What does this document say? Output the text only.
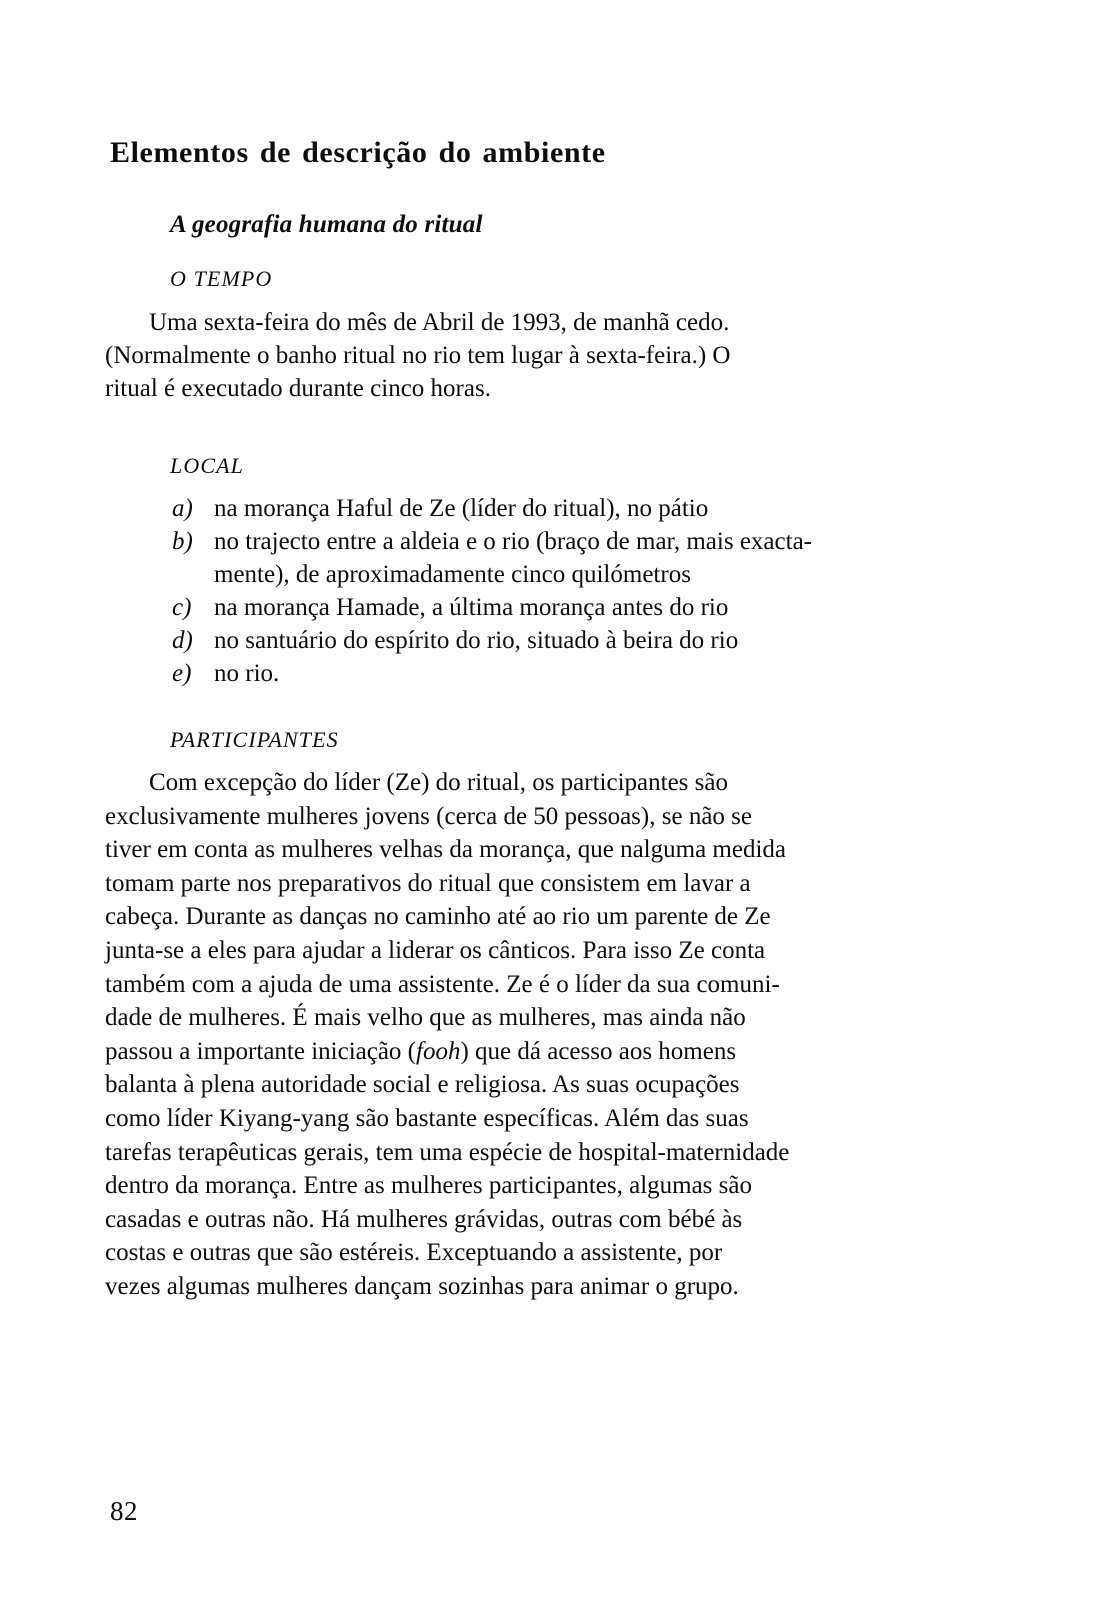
Elementos de descrição do ambiente
A geografia humana do ritual
O TEMPO
Uma sexta-feira do mês de Abril de 1993, de manhã cedo.
(Normalmente o banho ritual no rio tem lugar à sexta-feira.) O
ritual é executado durante cinco horas.
LOCAL
a) na morança Haful de Ze (líder do ritual), no pátio
b) no trajecto entre a aldeia e o rio (braço de mar, mais exacta-
mente), de aproximadamente cinco quilómetros
c) na morança Hamade, a última morança antes do rio
d) no santuário do espírito do rio, situado à beira do rio
e) no rio.
PARTICIPANTES
Com excepção do líder (Ze) do ritual, os participantes são
exclusivamente mulheres jovens (cerca de 50 pessoas), se não se
tiver em conta as mulheres velhas da morança, que nalguma medida
tomam parte nos preparativos do ritual que consistem em lavar a
cabeça. Durante as danças no caminho até ao rio um parente de Ze
junta-se a eles para ajudar a liderar os cânticos. Para isso Ze conta
também com a ajuda de uma assistente. Ze é o líder da sua comuni-
dade de mulheres. É mais velho que as mulheres, mas ainda não
passou a importante iniciação (fooh) que dá acesso aos homens
balanta à plena autoridade social e religiosa. As suas ocupações
como líder Kiyang-yang são bastante específicas. Além das suas
tarefas terapêuticas gerais, tem uma espécie de hospital-maternidade
dentro da morança. Entre as mulheres participantes, algumas são
casadas e outras não. Há mulheres grávidas, outras com bébé às
costas e outras que são estéreis. Exceptuando a assistente, por
vezes algumas mulheres dançam sozinhas para animar o grupo.
82
